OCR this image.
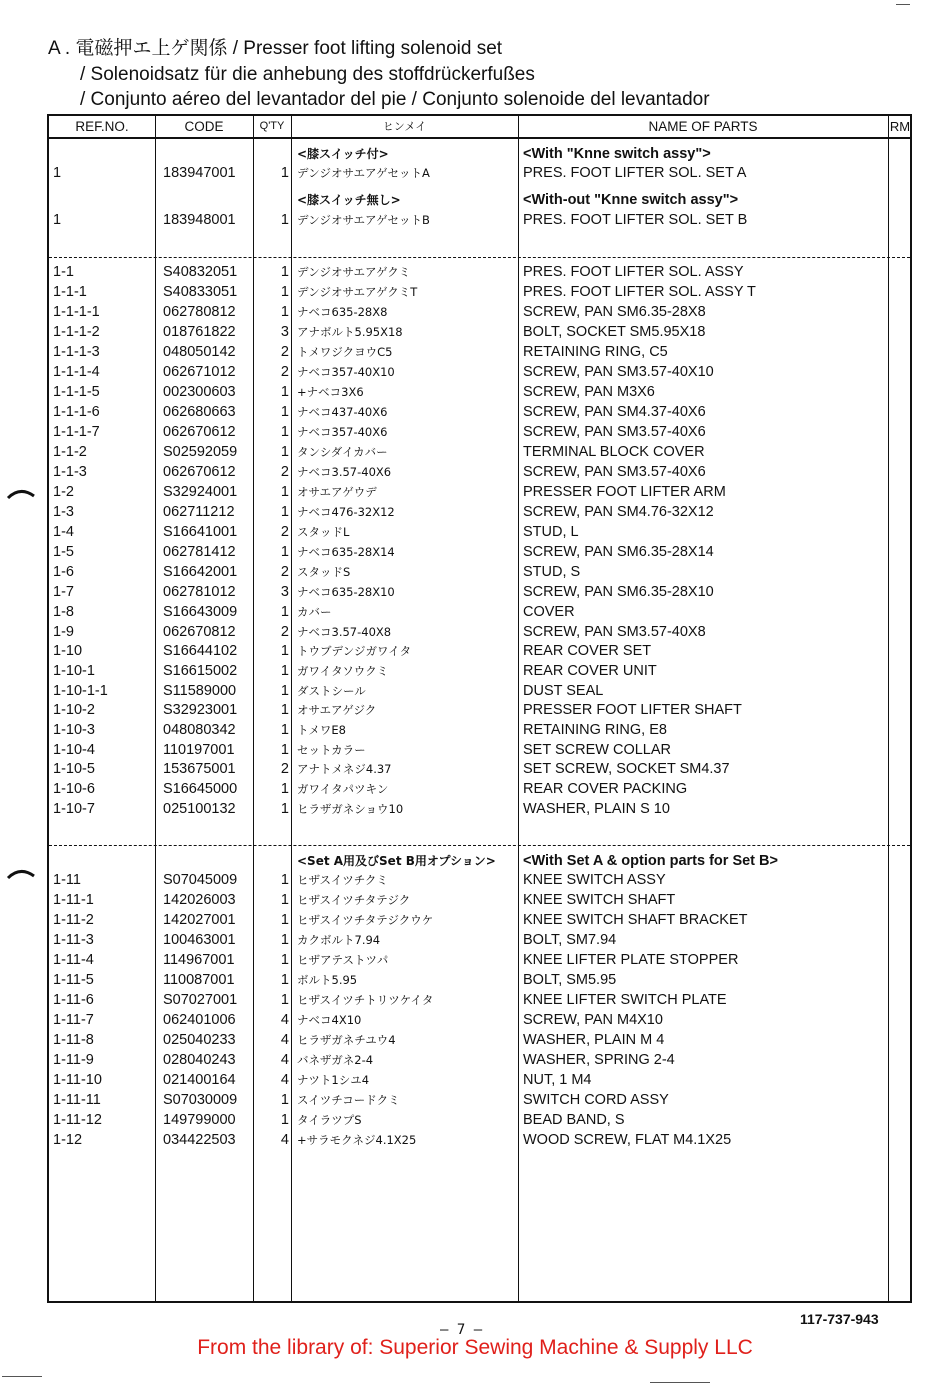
A . 電磁押エ上ゲ関係 / Presser foot lifting solenoid set
/ Solenoidsatz für die anhebung des stoffdrückerfußes
/ Conjunto aéreo del levantador del pie / Conjunto solenoide del levantador
REF.NO.	CODE	Q'TY	ヒンメイ	NAME OF PARTS	RM
<膝スイッチ付>	<With "Knne switch assy">
1	183947001	1 デンジオサエアゲセットA	PRES. FOOT LIFTER SOL. SET A
<膝スイッチ無し>	<With-out "Knne switch assy">
1	183948001	1 デンジオサエアゲセットB	PRES. FOOT LIFTER SOL. SET B
1-1	S40832051	1 デンジオサエアゲクミ	PRES. FOOT LIFTER SOL. ASSY
1-1-1	S40833051	1 デンジオサエアゲクミT	PRES. FOOT LIFTER SOL. ASSY T
1-1-1-1	062780812	1 ナベコ635-28X8	SCREW, PAN SM6.35-28X8
1-1-1-2	018761822	3 アナボルト5.95X18	BOLT, SOCKET SM5.95X18
1-1-1-3	048050142	2 トメワジクヨウC5	RETAINING RING, C5
1-1-1-4	062671012	2 ナベコ357-40X10	SCREW, PAN SM3.57-40X10
1-1-1-5	002300603	1 +ナベコ3X6	SCREW, PAN M3X6
1-1-1-6	062680663	1 ナベコ437-40X6	SCREW, PAN SM4.37-40X6
1-1-1-7	062670612	1 ナベコ357-40X6	SCREW, PAN SM3.57-40X6
1-1-2	S02592059	1 タンシダイカバー	TERMINAL BLOCK COVER
1-1-3	062670612	2 ナベコ3.57-40X6	SCREW, PAN SM3.57-40X6
1-2	S32924001	1 オサエアゲウデ	PRESSER FOOT LIFTER ARM
1-3	062711212	1 ナベコ476-32X12	SCREW, PAN SM4.76-32X12
1-4	S16641001	2 スタッドL	STUD, L
1-5	062781412	1 ナベコ635-28X14	SCREW, PAN SM6.35-28X14
1-6	S16642001	2 スタッドS	STUD, S
1-7	062781012	3 ナベコ635-28X10	SCREW, PAN SM6.35-28X10
1-8	S16643009	1 カバー	COVER
1-9	062670812	2 ナベコ3.57-40X8	SCREW, PAN SM3.57-40X8
1-10	S16644102	1 トウブデンジガワイタ	REAR COVER SET
1-10-1	S16615002	1 ガワイタソウクミ	REAR COVER UNIT
1-10-1-1	S11589000	1 ダストシール	DUST SEAL
1-10-2	S32923001	1 オサエアゲジク	PRESSER FOOT LIFTER SHAFT
1-10-3	048080342	1 トメワE8	RETAINING RING, E8
1-10-4	110197001	1 セットカラー	SET SCREW COLLAR
1-10-5	153675001	2 アナトメネジ4.37	SET SCREW, SOCKET SM4.37
1-10-6	S16645000	1 ガワイタパツキン	REAR COVER PACKING
1-10-7	025100132	1 ヒラザガネショウ10	WASHER, PLAIN S 10
<Set A用及びSet B用オプション> <With Set A & option parts for Set B>
1-11	S07045009	1 ヒザスイツチクミ	KNEE SWITCH ASSY
1-11-1	142026003	1 ヒザスイツチタテジク	KNEE SWITCH SHAFT
1-11-2	142027001	1 ヒザスイツチタテジクウケ	KNEE SWITCH SHAFT BRACKET
1-11-3	100463001	1 カクボルト7.94	BOLT, SM7.94
1-11-4	114967001	1 ヒザアテストツパ	KNEE LIFTER PLATE STOPPER
1-11-5	110087001	1 ボルト5.95	BOLT, SM5.95
1-11-6	S07027001	1 ヒザスイツチトリツケイタ	KNEE LIFTER SWITCH PLATE
1-11-7	062401006	4 ナベコ4X10	SCREW, PAN M4X10
1-11-8	025040233	4 ヒラザガネチユウ4	WASHER, PLAIN M 4
1-11-9	028040243	4 バネザガネ2-4	WASHER, SPRING 2-4
1-11-10	021400164	4 ナツト1シユ4	NUT, 1 M4
1-11-11	S07030009	1 スイツチコードクミ	SWITCH CORD ASSY
1-11-12	149799000	1 タイラツプS	BEAD BAND, S
1-12	034422503	4 +サラモクネジ4.1X25	WOOD SCREW, FLAT M4.1X25
117-737-943
— 7 —
From the library of: Superior Sewing Machine & Supply LLC
